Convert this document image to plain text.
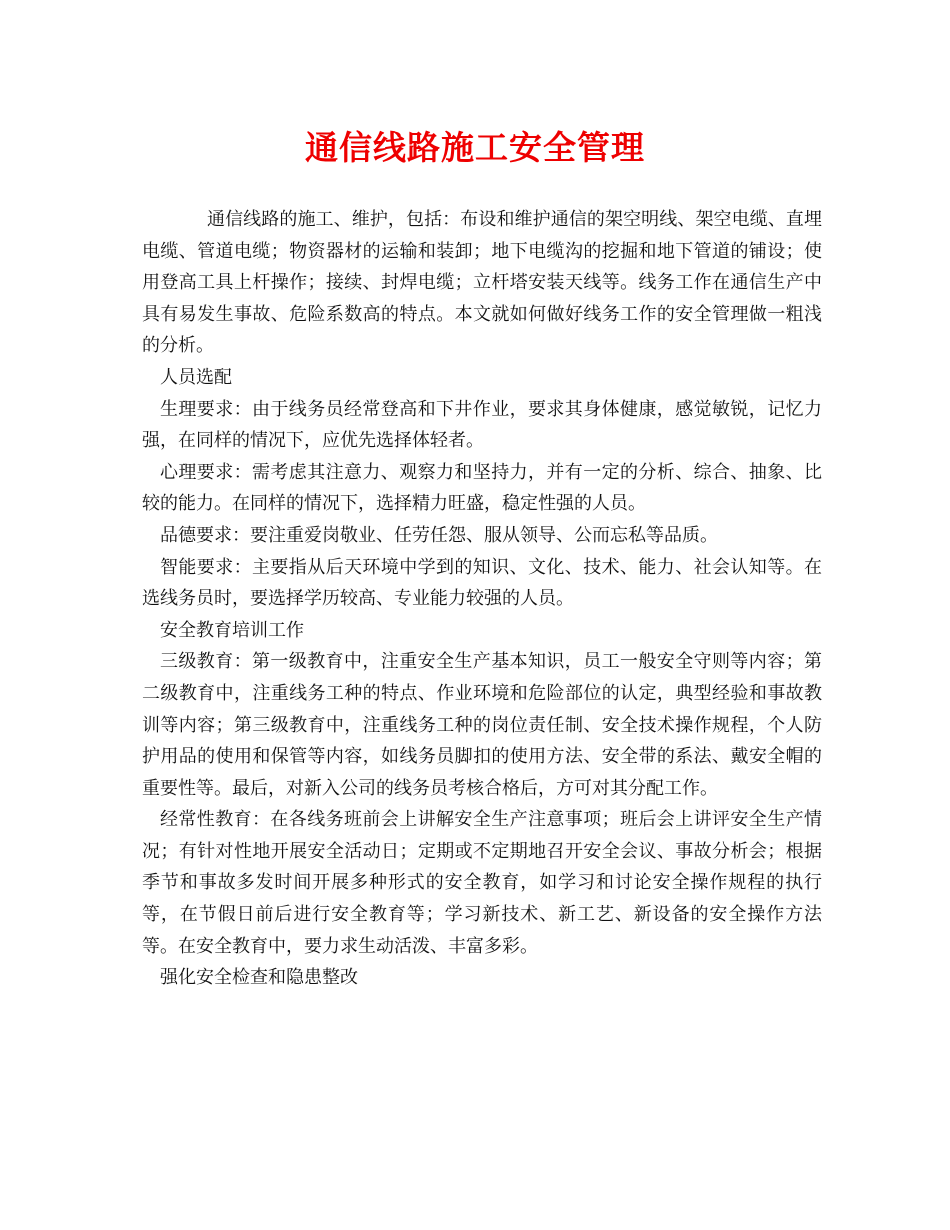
通信线路施工安全管理

通信线路的施工、维护，包括：布设和维护通信的架空明线、架空电缆、直埋电缆、管道电缆；物资器材的运输和装卸；地下电缆沟的挖掘和地下管道的铺设；使用登高工具上杆操作；接续、封焊电缆；立杆塔安装天线等。线务工作在通信生产中具有易发生事故、危险系数高的特点。本文就如何做好线务工作的安全管理做一粗浅的分析。

人员选配

生理要求：由于线务员经常登高和下井作业，要求其身体健康，感觉敏锐，记忆力强，在同样的情况下，应优先选择体轻者。

心理要求：需考虑其注意力、观察力和坚持力，并有一定的分析、综合、抽象、比较的能力。在同样的情况下，选择精力旺盛，稳定性强的人员。

品德要求：要注重爱岗敬业、任劳任怨、服从领导、公而忘私等品质。

智能要求：主要指从后天环境中学到的知识、文化、技术、能力、社会认知等。在选线务员时，要选择学历较高、专业能力较强的人员。

安全教育培训工作

三级教育：第一级教育中，注重安全生产基本知识，员工一般安全守则等内容；第二级教育中，注重线务工种的特点、作业环境和危险部位的认定，典型经验和事故教训等内容；第三级教育中，注重线务工种的岗位责任制、安全技术操作规程，个人防护用品的使用和保管等内容，如线务员脚扣的使用方法、安全带的系法、戴安全帽的重要性等。最后，对新入公司的线务员考核合格后，方可对其分配工作。

经常性教育：在各线务班前会上讲解安全生产注意事项；班后会上讲评安全生产情况；有针对性地开展安全活动日；定期或不定期地召开安全会议、事故分析会；根据季节和事故多发时间开展多种形式的安全教育，如学习和讨论安全操作规程的执行等，在节假日前后进行安全教育等；学习新技术、新工艺、新设备的安全操作方法等。在安全教育中，要力求生动活泼、丰富多彩。

强化安全检查和隐患整改
